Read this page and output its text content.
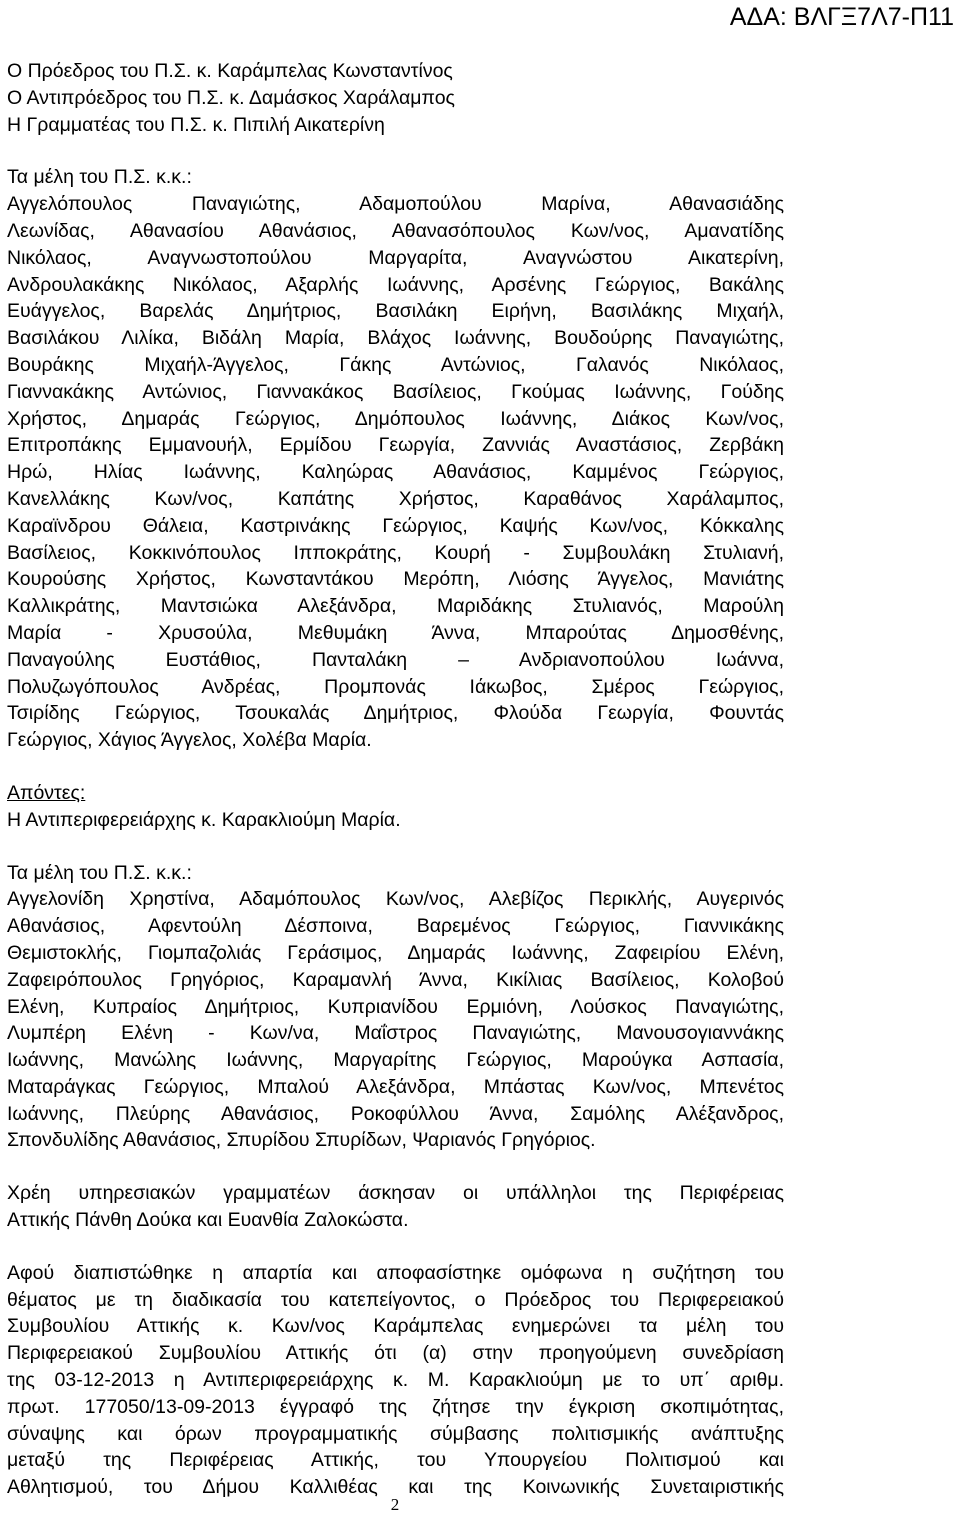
ΑΔΑ: ΒΛΓΞ7Λ7-Π11
Ο Πρόεδρος του Π.Σ. κ. Καράμπελας Κωνσταντίνος
Ο Αντιπρόεδρος του Π.Σ. κ. Δαμάσκος Χαράλαμπος
Η Γραμματέας του Π.Σ. κ. Πιπιλή Αικατερίνη
Τα μέλη του Π.Σ. κ.κ.:
Αγγελόπουλος Παναγιώτης, Αδαμοπούλου Μαρίνα, Αθανασιάδης
Λεωνίδας, Αθανασίου Αθανάσιος, Αθανασόπουλος Κων/νος, Αμανατίδης
Νικόλαος, Αναγνωστοπούλου Μαργαρίτα, Αναγνώστου Αικατερίνη,
Ανδρουλακάκης Νικόλαος, Αξαρλής Ιωάννης, Αρσένης Γεώργιος, Βακάλης
Ευάγγελος, Βαρελάς Δημήτριος, Βασιλάκη Ειρήνη, Βασιλάκης Μιχαήλ,
Βασιλάκου Λιλίκα, Βιδάλη Μαρία, Βλάχος Ιωάννης, Βουδούρης Παναγιώτης,
Βουράκης Μιχαήλ-Άγγελος, Γάκης Αντώνιος, Γαλανός Νικόλαος,
Γιαννακάκης Αντώνιος, Γιαννακάκος Βασίλειος, Γκούμας Ιωάννης, Γούδης
Χρήστος, Δημαράς Γεώργιος, Δημόπουλος Ιωάννης, Διάκος Κων/νος,
Επιτροπάκης Εμμανουήλ, Ερμίδου Γεωργία, Ζαννιάς Αναστάσιος, Ζερβάκη
Ηρώ, Ηλίας Ιωάννης, Καληώρας Αθανάσιος, Καμμένος Γεώργιος,
Κανελλάκης Κων/νος, Καπάτης Χρήστος, Καραθάνος Χαράλαμπος,
Καραϊνδρου Θάλεια, Καστρινάκης Γεώργιος, Καψής Κων/νος, Κόκκαλης
Βασίλειος, Κοκκινόπουλος Ιπποκράτης, Κουρή - Συμβουλάκη Στυλιανή,
Κουρούσης Χρήστος, Κωνσταντάκου Μερόπη, Λιόσης Άγγελος, Μανιάτης
Καλλικράτης, Μαντσιώκα Αλεξάνδρα, Μαριδάκης Στυλιανός, Μαρούλη
Μαρία - Χρυσούλα, Μεθυμάκη Άννα, Μπαρούτας Δημοσθένης,
Παναγούλης Ευστάθιος, Πανταλάκη – Ανδριανοπούλου Ιωάννα,
Πολυζωγόπουλος Ανδρέας, Προμπονάς Ιάκωβος, Σμέρος Γεώργιος,
Τσιρίδης Γεώργιος, Τσουκαλάς Δημήτριος, Φλούδα Γεωργία, Φουντάς
Γεώργιος, Χάγιος Άγγελος, Χολέβα Μαρία.
Απόντες:
Η Αντιπεριφερειάρχης κ. Καρακλιούμη Μαρία.
Τα μέλη του Π.Σ. κ.κ.:
Αγγελονίδη Χρηστίνα, Αδαμόπουλος Κων/νος, Αλεβίζος Περικλής, Αυγερινός
Αθανάσιος, Αφεντούλη Δέσποινα, Βαρεμένος Γεώργιος, Γιαννικάκης
Θεμιστοκλής, Γιομπαζολιάς Γεράσιμος, Δημαράς Ιωάννης, Ζαφειρίου Ελένη,
Ζαφειρόπουλος Γρηγόριος, Καραμανλή Άννα, Κικίλιας Βασίλειος, Κολοβού
Ελένη, Κυπραίος Δημήτριος, Κυπριανίδου Ερμιόνη, Λούσκος Παναγιώτης,
Λυμπέρη Ελένη - Κων/να, Μαΐστρος Παναγιώτης, Μανουσογιαννάκης
Ιωάννης, Μανώλης Ιωάννης, Μαργαρίτης Γεώργιος, Μαρούγκα Ασπασία,
Ματαράγκας Γεώργιος, Μπαλού Αλεξάνδρα, Μπάστας Κων/νος, Μπενέτος
Ιωάννης, Πλεύρης Αθανάσιος, Ροκοφύλλου Άννα, Σαμόλης Αλέξανδρος,
Σπονδυλίδης Αθανάσιος, Σπυρίδου Σπυρίδων, Ψαριανός Γρηγόριος.
Χρέη υπηρεσιακών γραμματέων άσκησαν οι υπάλληλοι της Περιφέρειας
Αττικής Πάνθη Δούκα και Ευανθία Ζαλοκώστα.
Αφού διαπιστώθηκε η απαρτία και αποφασίστηκε ομόφωνα η συζήτηση του
θέματος με τη διαδικασία του κατεπείγοντος, ο Πρόεδρος του Περιφερειακού
Συμβουλίου Αττικής κ. Κων/νος Καράμπελας ενημερώνει τα μέλη του
Περιφερειακού Συμβουλίου Αττικής ότι (α) στην προηγούμενη συνεδρίαση
της 03-12-2013 η Αντιπεριφερειάρχης κ. Μ. Καρακλιούμη με το υπ΄ αριθμ.
πρωτ. 177050/13-09-2013 έγγραφό της ζήτησε την έγκριση σκοπιμότητας,
σύναψης και όρων προγραμματικής σύμβασης πολιτισμικής ανάπτυξης
μεταξύ της Περιφέρειας Αττικής, του Υπουργείου Πολιτισμού και
Αθλητισμού, του Δήμου Καλλιθέας και της Κοινωνικής Συνεταιριστικής
2
